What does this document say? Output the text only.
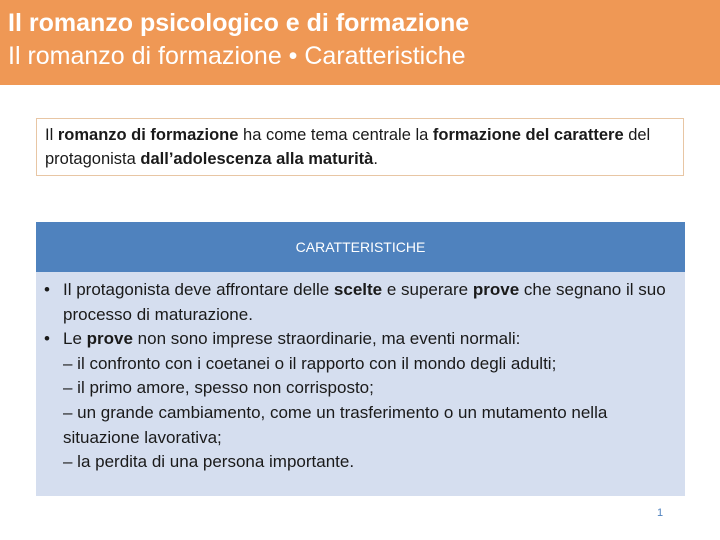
Il romanzo psicologico e di formazione
Il romanzo di formazione • Caratteristiche
Il romanzo di formazione ha come tema centrale la formazione del carattere del protagonista dall’adolescenza alla maturità.
CARATTERISTICHE
• Il protagonista deve affrontare delle scelte e superare prove che segnano il suo processo di maturazione.
• Le prove non sono imprese straordinarie, ma eventi normali:
– il confronto con i coetanei o il rapporto con il mondo degli adulti;
– il primo amore, spesso non corrisposto;
– un grande cambiamento, come un trasferimento o un mutamento nella situazione lavorativa;
– la perdita di una persona importante.
1
